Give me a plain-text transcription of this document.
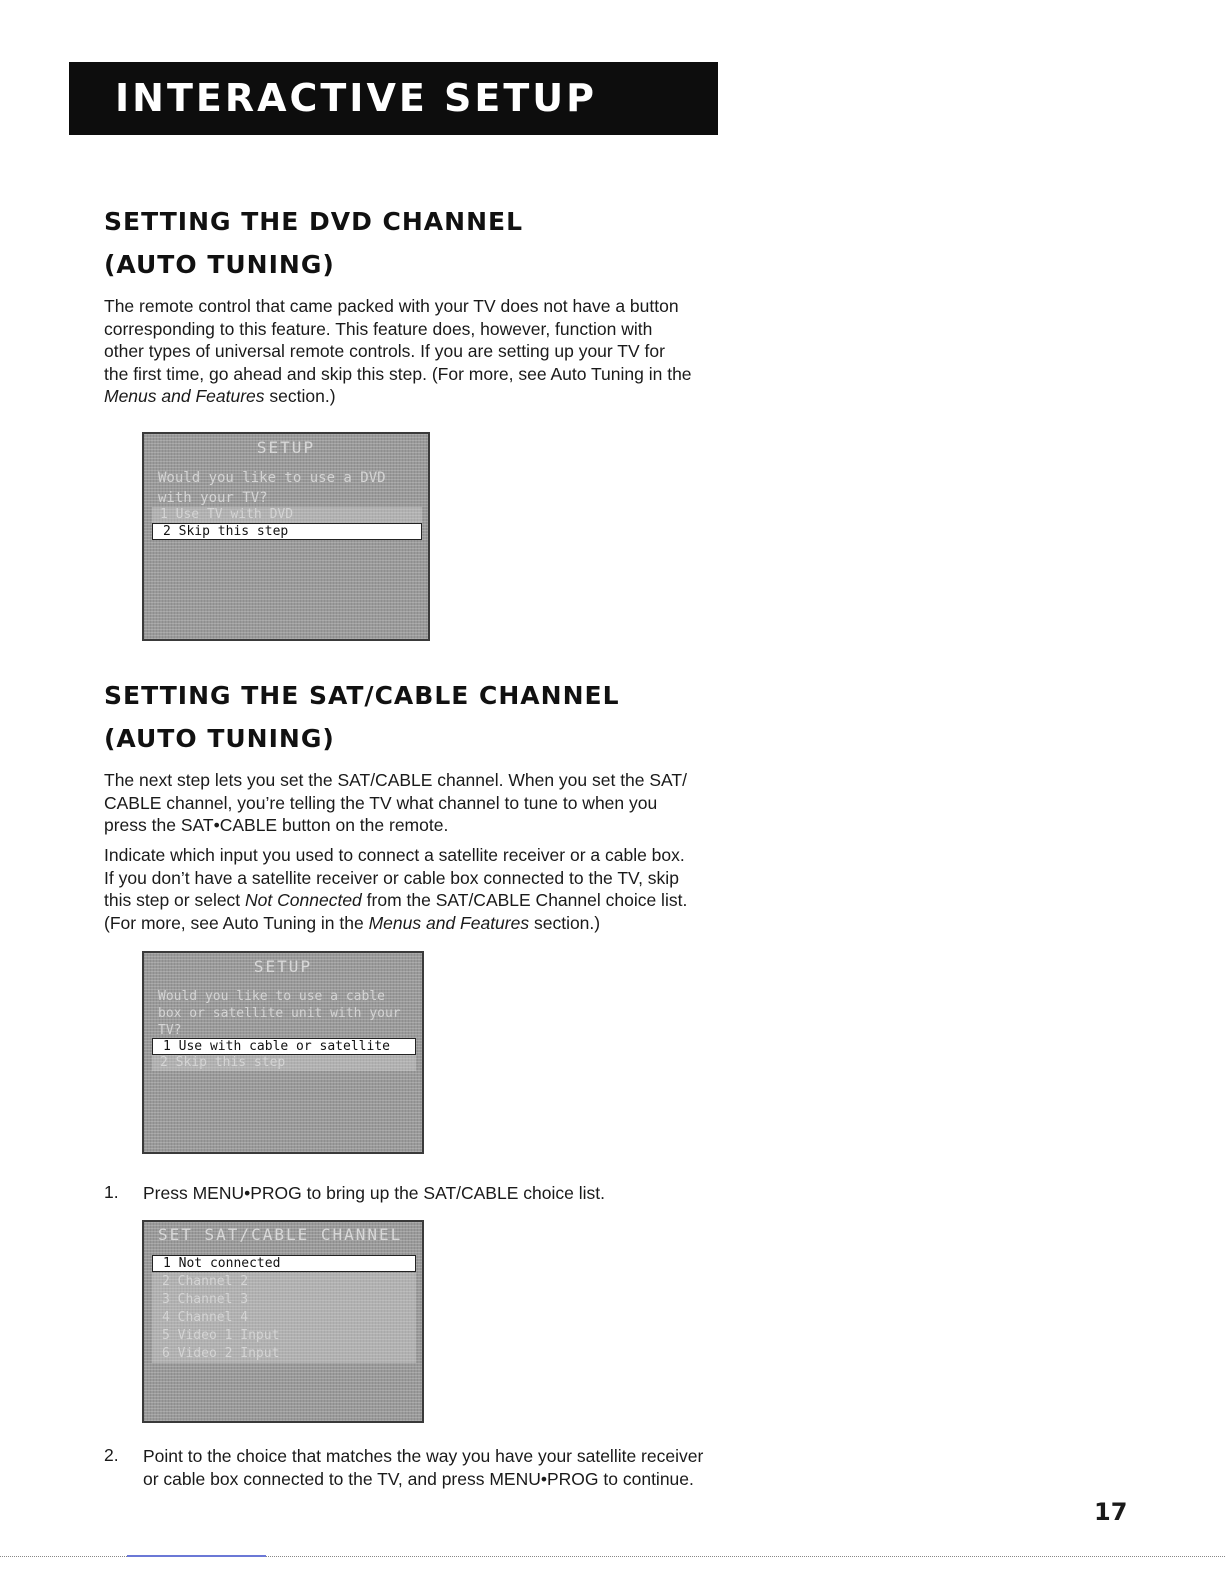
INTERACTIVE SETUP
SETTING THE DVD CHANNEL
(AUTO TUNING)
The remote control that came packed with your TV does not have a button
corresponding to this feature. This feature does, however, function with
other types of universal remote controls. If you are setting up your TV for
the first time, go ahead and skip this step. (For more, see Auto Tuning in the
Menus and Features section.)
SETUP
Would you like to use a DVD
with your TV?
1 Use TV with DVD
2 Skip this step
SETTING THE SAT/CABLE CHANNEL
(AUTO TUNING)
The next step lets you set the SAT/CABLE channel. When you set the SAT/
CABLE channel, you’re telling the TV what channel to tune to when you
press the SAT•CABLE button on the remote.
Indicate which input you used to connect a satellite receiver or a cable box.
If you don’t have a satellite receiver or cable box connected to the TV, skip
this step or select Not Connected from the SAT/CABLE Channel choice list.
(For more, see Auto Tuning in the Menus and Features section.)
SETUP
Would you like to use a cable
box or satellite unit with your
TV?
1 Use with cable or satellite
2 Skip this step
1. Press MENU•PROG to bring up the SAT/CABLE choice list.
SET SAT/CABLE CHANNEL
1 Not connected
2 Channel 2
3 Channel 3
4 Channel 4
5 Video 1 Input
6 Video 2 Input
2. Point to the choice that matches the way you have your satellite receiver
or cable box connected to the TV, and press MENU•PROG to continue.
17
